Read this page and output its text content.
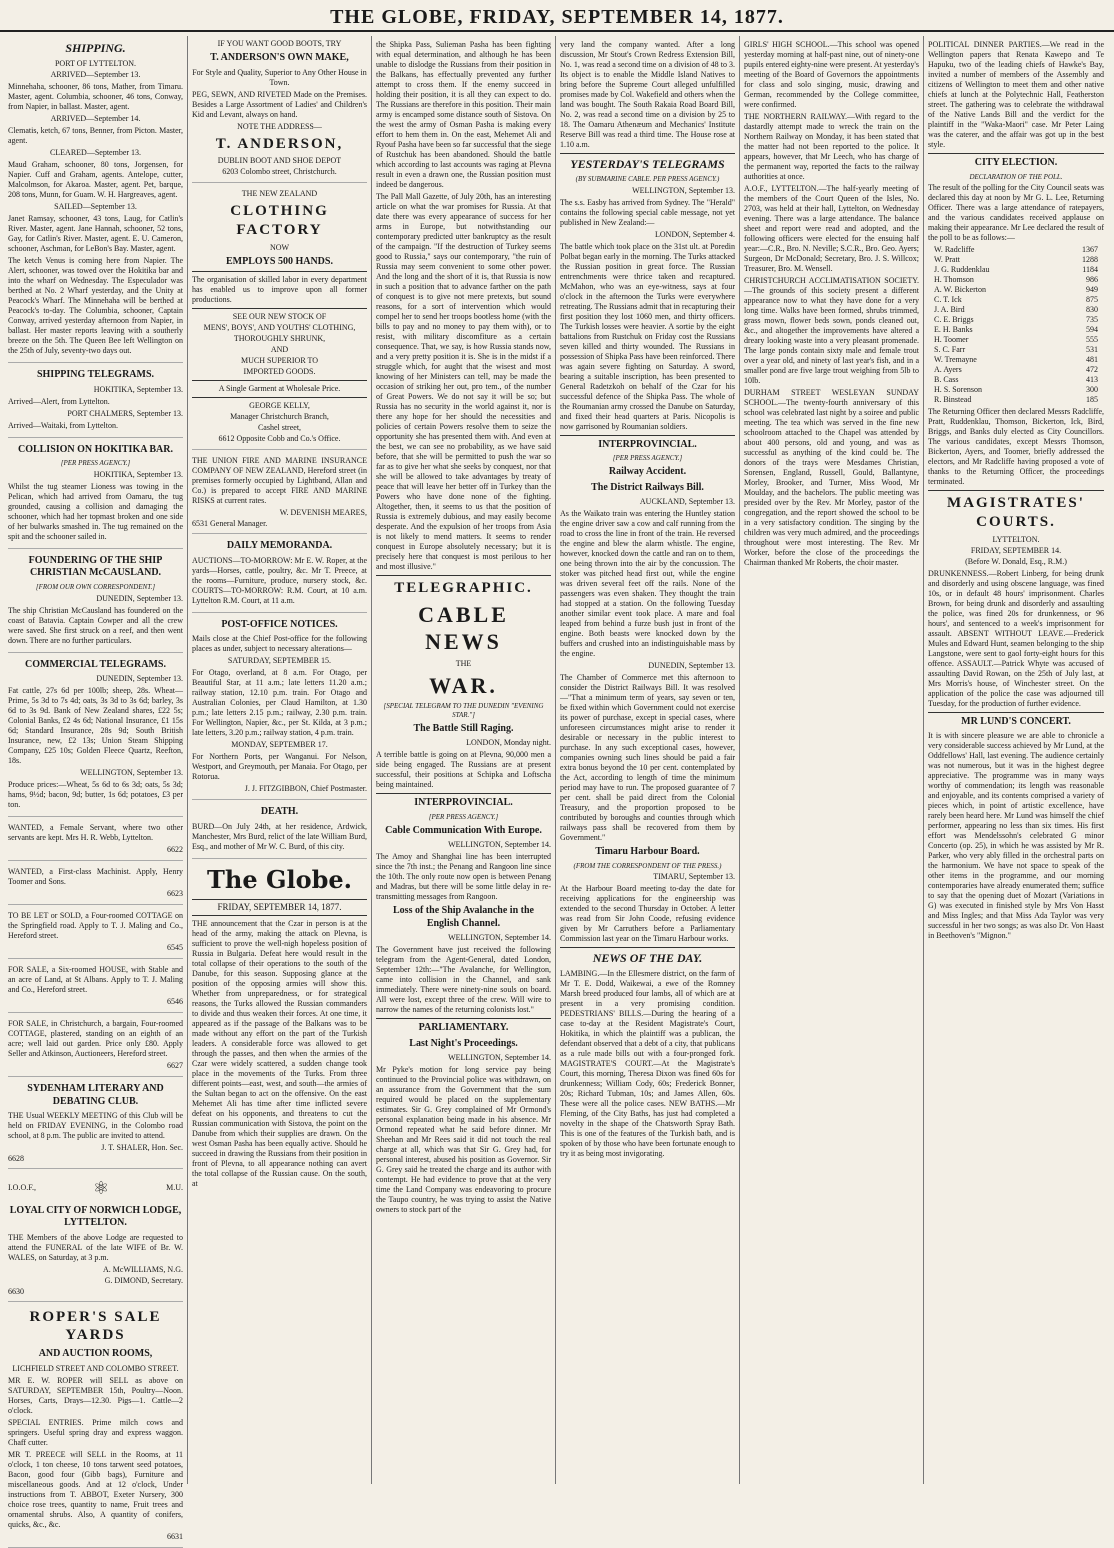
THE GLOBE, FRIDAY, SEPTEMBER 14, 1877.
SHIPPING.
PORT OF LYTTELTON.
ARRIVED—September 13.
Minnehaha, schooner, 86 tons, Mather, from Timaru. Master, agent. Columbia, schooner, 46 tons, Conway, from Napier, in ballast. Master, agent.
ARRIVED—September 14.
Clematis, ketch, 67 tons, Benner, from Picton. Master, agent.
CLEARED—September 13.
Maud Graham, schooner, 80 tons, Jorgensen, for Napier. Cuff and Graham, agents. Antelope, cutter, Malcolmson, for Akaroa. Master, agent. Pet, barque, 208 tons, Munn, for Guam. W. H. Hargreaves, agent.
SAILED—September 13.
Janet Ramsay, schooner, 43 tons, Laug, for Catlin's River. Master, agent. Jane Hannah, schooner, 52 tons, Gay, for Catlin's River. Master, agent. E. U. Cameron, schooner, Aschman, for LeBon's Bay. Master, agent.
The ketch Venus is coming here from Napier. The Alert, schooner, was towed over the Hokitika bar and into the wharf on Wednesday. The Especulador was berthed at No. 2 Wharf yesterday, and the Unity at Peacock's Wharf. The Minnehaha will be berthed at Peacock's to-day. The Columbia, schooner, Captain Conway, arrived yesterday afternoon from Napier, in ballast. Her master reports leaving with a southerly breeze on the 5th. The Queen Bee left Wellington on the 25th of July, seventy-two days out.
SHIPPING TELEGRAMS.
HOKITIKA, September 13.
Arrived—Alert, from Lyttelton.
PORT CHALMERS, September 13.
Arrived—Waitaki, from Lyttelton.
COLLISION ON HOKITIKA BAR.
[PER PRESS AGENCY.]
HOKITIKA, September 13.
Whilst the tug steamer Lioness was towing in the Pelican, which had arrived from Oamaru, the tug grounded, causing a collision and damaging the schooner, which had her topmast broken and one side of her bulwarks smashed in. The tug remained on the spit and the schooner sailed in.
FOUNDERING OF THE SHIP CHRISTIAN McCAUSLAND.
[FROM OUR OWN CORRESPONDENT.]
DUNEDIN, September 13.
The ship Christian McCausland has foundered on the coast of Batavia. Captain Cowper and all the crew were saved. She first struck on a reef, and then went down. There are no further particulars.
COMMERCIAL TELEGRAMS.
DUNEDIN, September 13.
Fat cattle, 27s 6d per 100lb; sheep, 28s. Wheat—Prime, 5s 3d to 7s 4d; oats, 3s 3d to 3s 6d; barley, 3s 6d to 3s 9d. Bank of New Zealand shares, £22 5s; Colonial Banks, £2 4s 6d; National Insurance, £1 15s 6d; Standard Insurance, 28s 9d; South British Insurance, new, £2 13s; Union Steam Shipping Company, £25 10s; Golden Fleece Quartz, Reefton, 18s.
WELLINGTON, September 13.
Produce prices:—Wheat, 5s 6d to 6s 3d; oats, 5s 3d; hams, 9½d; bacon, 9d; butter, 1s 6d; potatoes, £3 per ton.
WANTED, a Female Servant, where two other servants are kept. Mrs H. R. Webb, Lyttelton.
6622
WANTED, a First-class Machinist. Apply, Henry Toomer and Sons.
6623
TO BE LET or SOLD, a Four-roomed COTTAGE on the Springfield road. Apply to T. J. Maling and Co., Hereford street.
6545
FOR SALE, a Six-roomed HOUSE, with Stable and an acre of Land, at St Albans. Apply to T. J. Maling and Co., Hereford street.
6546
FOR SALE, in Christchurch, a bargain, Four-roomed COTTAGE, plastered, standing on an eighth of an acre; well laid out garden. Price only £80. Apply Seller and Atkinson, Auctioneers, Hereford street.
6627
SYDENHAM LITERARY AND DEBATING CLUB.
THE Usual WEEKLY MEETING of this Club will be held on FRIDAY EVENING, in the Colombo road school, at 8 p.m. The public are invited to attend.
J. T. SHALER, Hon. Sec.
6628
I.O.O.F.,	⚛	M.U.
LOYAL CITY OF NORWICH LODGE, LYTTELTON.
THE Members of the above Lodge are requested to attend the FUNERAL of the late WIFE of Br. W. WALES, on Saturday, at 3 p.m.
A. McWILLIAMS, N.G.
G. DIMOND, Secretary.
6630
ROPER'S SALE YARDS
AND AUCTION ROOMS,
LICHFIELD STREET AND COLOMBO STREET.
MR E. W. ROPER will SELL as above on SATURDAY, SEPTEMBER 15th, Poultry—Noon. Horses, Carts, Drays—12.30. Pigs—1. Cattle—2 o'clock.
SPECIAL ENTRIES. Prime milch cows and springers. Useful spring dray and express waggon. Chaff cutter.
MR T. PREECE will SELL in the Rooms, at 11 o'clock, 1 ton cheese, 10 tons tarwent seed potatoes, Bacon, good four (Gibb bags), Furniture and miscellaneous goods. And at 12 o'clock, Under instructions from T. ABBOT, Exeter Nursery, 300 choice rose trees, quantity to name, Fruit trees and ornamental shrubs. Also, A quantity of conifers, quicks, &c., &c.
6631
IF YOU WANT GOOD BOOTS, TRY
T. ANDERSON'S OWN MAKE,
For Style and Quality, Superior to Any Other House in Town.
PEG, SEWN, AND RIVETED Made on the Premises. Besides a Large Assortment of Ladies' and Children's Kid and Levant, always on hand.
NOTE THE ADDRESS—
T. ANDERSON,
DUBLIN BOOT AND SHOE DEPOT
6203 Colombo street, Christchurch.
THE NEW ZEALAND
CLOTHING FACTORY
NOW
EMPLOYS 500 HANDS.
The organisation of skilled labor in every department has enabled us to improve upon all former productions.
SEE OUR NEW STOCK OF
MENS', BOYS', AND YOUTHS' CLOTHING,
THOROUGHLY SHRUNK,
AND
MUCH SUPERIOR TO
IMPORTED GOODS.
A Single Garment at Wholesale Price.
GEORGE KELLY,
Manager Christchurch Branch,
Cashel street,
6612 Opposite Cobb and Co.'s Office.
THE UNION FIRE AND MARINE INSURANCE COMPANY OF NEW ZEALAND, Hereford street (in premises formerly occupied by Lightband, Allan and Co.) is prepared to accept FIRE AND MARINE RISKS at current rates.
W. DEVENISH MEARES,
6531 General Manager.
DAILY MEMORANDA.
AUCTIONS—TO-MORROW: Mr E. W. Roper, at the yards—Horses, cattle, poultry, &c. Mr T. Preece, at the rooms—Furniture, produce, nursery stock, &c. COURTS—TO-MORROW: R.M. Court, at 10 a.m. Lyttelton R.M. Court, at 11 a.m.
POST-OFFICE NOTICES.
Mails close at the Chief Post-office for the following places as under, subject to necessary alterations—
SATURDAY, SEPTEMBER 15.
For Otago, overland, at 8 a.m. For Otago, per Beautiful Star, at 11 a.m.; late letters 11.20 a.m.; railway station, 12.10 p.m. train. For Otago and Australian Colonies, per Claud Hamilton, at 1.30 p.m.; late letters 2.15 p.m.; railway, 2.30 p.m. train. For Wellington, Napier, &c., per St. Kilda, at 3 p.m.; late letters, 3.20 p.m.; railway station, 4 p.m. train.
MONDAY, SEPTEMBER 17.
For Northern Ports, per Wanganui. For Nelson, Westport, and Greymouth, per Manaia. For Otago, per Rotorua.
J. J. FITZGIBBON, Chief Postmaster.
DEATH.
BURD—On July 24th, at her residence, Ardwick, Manchester, Mrs Burd, relict of the late William Burd, Esq., and mother of Mr W. C. Burd, of this city.
The Globe.
FRIDAY, SEPTEMBER 14, 1877.
THE announcement that the Czar in person is at the head of the army, making the attack on Plevna, is sufficient to prove the well-nigh hopeless position of Russia in Bulgaria. Defeat here would result in the total collapse of their operations to the south of the Danube, for this season. Supposing glance at the position of the opposing armies will show this. Whether from unpreparedness, or for strategical reasons, the Turks allowed the Russian commanders to divide and thus weaken their forces. At one time, it appeared as if the passage of the Balkans was to be made without any effort on the part of the Turkish leaders. A considerable force was allowed to get through the passes, and then when the armies of the Czar were widely scattered, a sudden change took place in the movements of the Turks. From three different points—east, west, and south—the armies of the Sultan began to act on the offensive. On the east Mehemet Ali has time after time inflicted severe defeat on his opponents, and threatens to cut the Russian communication with Sistova, the point on the Danube from which their supplies are drawn. On the west Osman Pasha has been equally active. Should he succeed in drawing the Russians from their position in front of Plevna, to all appearance nothing can avert the total collapse of the Russian cause. On the south, at
the Shipka Pass, Sulieman Pasha has been fighting with equal determination, and although he has been unable to dislodge the Russians from their position in the Balkans, has effectually prevented any further attempt to cross them. If the enemy succeed in holding their position, it is all they can expect to do. The Russians are therefore in this position. Their main army is encamped some distance south of Sistova. On the west the army of Osman Pasha is making every effort to hem them in. On the east, Mehemet Ali and Ryouf Pasha have been so far successful that the siege of Rustchuk has been abandoned. Should the battle which according to last accounts was raging at Plevna result in even a drawn one, the Russian position must indeed be dangerous.
The Pall Mall Gazette, of July 20th, has an interesting article on what the war promises for Russia. At that date there was every appearance of success for her arms in Europe, but notwithstanding our contemporary predicted utter bankruptcy as the result of the campaign. "If the destruction of Turkey seems good to Russia," says our contemporary, "the ruin of Russia may seem convenient to some other power. And the long and the short of it is, that Russia is now in such a position that to advance farther on the path of conquest is to give not mere pretexts, but sound reasons, for a sort of intervention which would compel her to send her troops bootless home (with the bills to pay and no money to pay them with), or to resist, with military discomfiture as a certain consequence. That, we say, is how Russia stands now, and a very pretty position it is. She is in the midst if a struggle which, for aught that the wisest and most knowing of her Ministers can tell, may be made the occasion of striking her out, pro tem., of the number of Great Powers. We do not say it will be so; but Russia has no security in the world against it, nor is there any hope for her should the necessities and policies of certain Powers resolve them to seize the opportunity she has presented them with. And even at the best, we can see no probability, as we have said before, that she will be permitted to push the war so far as to give her what she seeks by conquest, nor that she will be allowed to take advantages by treaty of peace that will leave her better off in Turkey than the Powers who have done none of the fighting. Altogether, then, it seems to us that the position of Russia is extremely dubious, and may easily become desperate. And the expulsion of her troops from Asia is not likely to mend matters. It seems to render conquest in Europe absolutely necessary; but it is precisely here that conquest is most perilous to her and most illusive."
TELEGRAPHIC.
CABLE NEWS
THE
WAR.
[SPECIAL TELEGRAM TO THE DUNEDIN "EVENING STAR."]
The Battle Still Raging.
LONDON, Monday night.
A terrible battle is going on at Plevna, 90,000 men a side being engaged. The Russians are at present successful, their positions at Schipka and Loftscha being maintained.
INTERPROVINCIAL.
[PER PRESS AGENCY.]
Cable Communication With Europe.
WELLINGTON, September 14.
The Amoy and Shanghai line has been interrupted since the 7th inst.; the Penang and Rangoon line since the 10th. The only route now open is between Penang and Madras, but there will be some little delay in re-transmitting messages from Rangoon.
Loss of the Ship Avalanche in the English Channel.
WELLINGTON, September 14.
The Government have just received the following telegram from the Agent-General, dated London, September 12th:—"The Avalanche, for Wellington, came into collision in the Channel, and sank immediately. There were ninety-nine souls on board. All were lost, except three of the crew. Will wire to narrow the names of the returning colonists lost."
PARLIAMENTARY.
Last Night's Proceedings.
WELLINGTON, September 14.
Mr Pyke's motion for long service pay being continued to the Provincial police was withdrawn, on an assurance from the Government that the sum required would be placed on the supplementary estimates. Sir G. Grey complained of Mr Ormond's personal explanation being made in his absence. Mr Ormond repeated what he said before dinner. Mr Sheehan and Mr Rees said it did not touch the real charge at all, which was that Sir G. Grey had, for personal interest, abused his position as Governor. Sir G. Grey said he treated the charge and its author with contempt. He had evidence to prove that at the very time the Land Company was endeavoring to procure the Taupo country, he was trying to assist the Native owners to stock part of the
very land the company wanted. After a long discussion, Mr Stout's Crown Redress Extension Bill, No. 1, was read a second time on a division of 48 to 3. Its object is to enable the Middle Island Natives to bring before the Supreme Court alleged unfulfilled promises made by Col. Wakefield and others when the land was bought. The South Rakaia Road Board Bill, No. 2, was read a second time on a division by 25 to 18. The Oamaru Athenæum and Mechanics' Institute Reserve Bill was read a third time. The House rose at 1.10 a.m.
YESTERDAY'S TELEGRAMS
(BY SUBMARINE CABLE. PER PRESS AGENCY.)
WELLINGTON, September 13.
The s.s. Easby has arrived from Sydney. The "Herald" contains the following special cable message, not yet published in New Zealand:—
LONDON, September 4.
The battle which took place on the 31st ult. at Poredin Polbat began early in the morning. The Turks attacked the Russian position in great force. The Russian entrenchments were thrice taken and recaptured. McMahon, who was an eye-witness, says at four o'clock in the afternoon the Turks were everywhere retreating. The Russians admit that in recapturing their first position they lost 1060 men, and thirty officers. The Turkish losses were heavier. A sortie by the eight battalions from Rustchuk on Friday cost the Russians seven killed and thirty wounded. The Russians in possession of Shipka Pass have been reinforced. There was again severe fighting on Saturday. A sword, bearing a suitable inscription, has been presented to General Radetzkoh on behalf of the Czar for his successful defence of the Shipka Pass. The whole of the Roumanian army crossed the Danube on Saturday, and fixed their head quarters at Paris. Nicopolis is now garrisoned by Roumanian soldiers.
INTERPROVINCIAL.
[PER PRESS AGENCY.]
Railway Accident.
The District Railways Bill.
AUCKLAND, September 13.
As the Waikato train was entering the Huntley station the engine driver saw a cow and calf running from the road to cross the line in front of the train. He reversed the engine and blew the alarm whistle. The engine, however, knocked down the cattle and ran on to them, one being thrown into the air by the concussion. The stoker was pitched head first out, while the engine was driven several feet off the rails. None of the passengers was even shaken. They thought the train had stopped at a station. On the following Tuesday another similar event took place. A mare and foal leaped from behind a furze bush just in front of the engine. Both beasts were knocked down by the buffers and crushed into an indistinguishable mass by the engine.
DUNEDIN, September 13.
The Chamber of Commerce met this afternoon to consider the District Railways Bill. It was resolved—"That a minimum term of years, say seven or ten, be fixed within which Government could not exercise its power of purchase, except in special cases, where unforeseen circumstances might arise to render it desirable or necessary in the public interest to purchase. In any such exceptional cases, however, companies owning such lines should be paid a fair extra bonus beyond the 10 per cent. contemplated by the Act, according to length of time the minimum period may have to run. The proposed guarantee of 7 per cent. shall be paid direct from the Colonial Treasury, and the proportion proposed to be contributed by boroughs and counties through which railways pass shall be recovered from them by Government."
Timaru Harbour Board.
(FROM THE CORRESPONDENT OF THE PRESS.)
TIMARU, September 13.
At the Harbour Board meeting to-day the date for receiving applications for the engineership was extended to the second Thursday in October. A letter was read from Sir John Coode, refusing evidence given by Mr Carruthers before a Parliamentary Commission last year on the Timaru Harbour works.
NEWS OF THE DAY.
LAMBING.—In the Ellesmere district, on the farm of Mr T. E. Dodd, Waikewai, a ewe of the Romney Marsh breed produced four lambs, all of which are at present in a very promising condition. PEDESTRIANS' BILLS.—During the hearing of a case to-day at the Resident Magistrate's Court, Hokitika, in which the plaintiff was a publican, the defendant observed that a debt of a city, that publicans as a rule made bills out with a four-pronged fork. MAGISTRATE'S COURT.—At the Magistrate's Court, this morning, Theresa Dixon was fined 60s for drunkenness; William Cody, 60s; Frederick Bonner, 20s; Richard Tubman, 10s; and James Allen, 60s. These were all the police cases. NEW BATHS.—Mr Fleming, of the City Baths, has just had completed a novelty in the shape of the Chatsworth Spray Bath. This is one of the features of the Turkish bath, and is spoken of by those who have been fortunate enough to try it as being most invigorating.
GIRLS' HIGH SCHOOL.—This school was opened yesterday morning at half-past nine, out of ninety-one pupils entered eighty-nine were present. At yesterday's meeting of the Board of Governors the appointments for class and solo singing, music, drawing and German, recommended by the College committee, were confirmed.
THE NORTHERN RAILWAY.—With regard to the dastardly attempt made to wreck the train on the Northern Railway on Monday, it has been stated that the matter had not been reported to the police. It appears, however, that Mr Leech, who has charge of the permanent way, reported the facts to the railway authorities at once.
A.O.F., LYTTELTON.—The half-yearly meeting of the members of the Court Queen of the Isles, No. 2703, was held at their hall, Lyttelton, on Wednesday evening. There was a large attendance. The balance sheet and report were read and adopted, and the following officers were elected for the ensuing half year:—C.R., Bro. N. Neville; S.C.R., Bro. Geo. Ayers; Surgeon, Dr McDonald; Secretary, Bro. J. S. Willcox; Treasurer, Bro. M. Wensell.
CHRISTCHURCH ACCLIMATISATION SOCIETY.—The grounds of this society present a different appearance now to what they have done for a very long time. Walks have been formed, shrubs trimmed, grass mown, flower beds sown, ponds cleaned out, &c., and altogether the improvements have altered a dreary looking waste into a very pleasant promenade. The large ponds contain sixty male and female trout over a year old, and ninety of last year's fish, and in a smaller pond are five large trout weighing from 5lb to 10lb.
DURHAM STREET WESLEYAN SUNDAY SCHOOL.—The twenty-fourth anniversary of this school was celebrated last night by a soiree and public meeting. The tea which was served in the fine new schoolroom attached to the Chapel was attended by about 400 persons, old and young, and was as successful as anything of the kind could be. The donors of the trays were Mesdames Christian, Sorensen, England, Russell, Gould, Ballantyne, Morley, Brooker, and Turner, Miss Wood, Mr Moulday, and the bachelors. The public meeting was presided over by the Rev. Mr Morley, pastor of the congregation, and the report showed the school to be in a very satisfactory condition. The singing by the children was very much admired, and the proceedings throughout were most interesting. The Rev. Mr Worker, before the close of the proceedings the Chairman thanked Mr Roberts, the choir master.
POLITICAL DINNER PARTIES.—We read in the Wellington papers that Renata Kawepo and Te Hapuku, two of the leading chiefs of Hawke's Bay, invited a number of members of the Assembly and citizens of Wellington to meet them and other native chiefs at lunch at the Polytechnic Hall, Featherston street. The gathering was to celebrate the withdrawal of the Native Lands Bill and the verdict for the plaintiff in the "Waka-Maori" case. Mr Peter Laing was the caterer, and the affair was got up in the best style.
CITY ELECTION.
DECLARATION OF THE POLL.
The result of the polling for the City Council seats was declared this day at noon by Mr G. L. Lee, Returning Officer. There was a large attendance of ratepayers, and the various candidates received applause on making their appearance. Mr Lee declared the result of the poll to be as follows:—
W. Radcliffe	1367
W. Pratt	1288
J. G. Ruddenklau	1184
H. Thomson	986
A. W. Bickerton	949
C. T. Ick	875
J. A. Bird	830
C. E. Briggs	735
E. H. Banks	594
H. Toomer	555
S. C. Farr	531
W. Tremayne	481
A. Ayers	472
B. Cass	413
H. S. Sorenson	300
R. Binstead	185
The Returning Officer then declared Messrs Radcliffe, Pratt, Ruddenklau, Thomson, Bickerton, Ick, Bird, Briggs, and Banks duly elected as City Councillors. The various candidates, except Messrs Thomson, Bickerton, Ayers, and Toomer, briefly addressed the electors, and Mr Radcliffe having proposed a vote of thanks to the Returning Officer, the proceedings terminated.
MAGISTRATES' COURTS.
LYTTELTON.
FRIDAY, SEPTEMBER 14.
(Before W. Donald, Esq., R.M.)
DRUNKENNESS.—Robert Linberg, for being drunk and disorderly and using obscene language, was fined 10s, or in default 48 hours' imprisonment. Charles Brown, for being drunk and disorderly and assaulting the police, was fined 20s for drunkenness, or 96 hours', and sentenced to a week's imprisonment for assault. ABSENT WITHOUT LEAVE.—Frederick Mules and Edward Hunt, seamen belonging to the ship Langstone, were sent to gaol forty-eight hours for this offence. ASSAULT.—Patrick Whyte was accused of assaulting David Rowan, on the 25th of July last, at Mrs Morris's house, of Winchester street. On the application of the police the case was adjourned till Tuesday, for the production of further evidence.
MR LUND'S CONCERT.
It is with sincere pleasure we are able to chronicle a very considerable success achieved by Mr Lund, at the Oddfellows' Hall, last evening. The audience certainly was not numerous, but it was in the highest degree appreciative. The programme was in many ways worthy of commendation; its length was reasonable and enjoyable, and its contents comprised a variety of pieces which, in point of artistic excellence, have rarely been heard here. Mr Lund was himself the chief performer, appearing no less than six times. His first effort was Mendelssohn's celebrated G minor Concerto (op. 25), in which he was assisted by Mr R. Parker, who very ably filled in the orchestral parts on the harmonium. We have not space to speak of the other items in the programme, and our morning contemporaries have already enumerated them; suffice to say that the opening duet of Mozart (Variations in G) was executed in finished style by Mrs Von Hasst and Miss Ingles; and that Miss Ada Taylor was very successful in her two songs; as was also Dr. Von Haast in Beethoven's "Mignon."
